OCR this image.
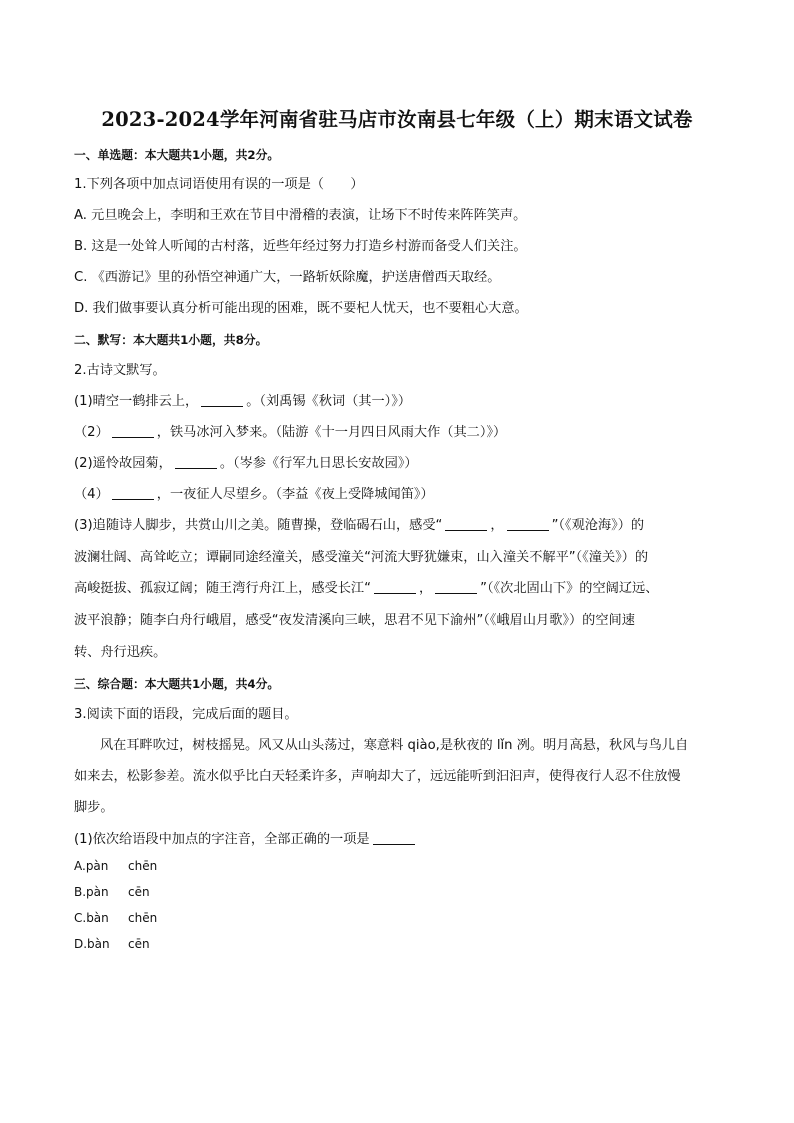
2023-2024学年河南省驻马店市汝南县七年级（上）期末语文试卷
一、单选题：本大题共1小题，共2分。
1.下列各项中加点词语使用有误的一项是（　　）
A. 元旦晚会上，李明和王欢在节目中滑稽的表演，让场下不时传来阵阵笑声。
B. 这是一处耸人听闻的古村落，近些年经过努力打造乡村游而备受人们关注。
C. 《西游记》里的孙悟空神通广大，一路斩妖除魔，护送唐僧西天取经。
D. 我们做事要认真分析可能出现的困难，既不要杞人忧天，也不要粗心大意。
二、默写：本大题共1小题，共8分。
2.古诗文默写。
(1)晴空一鹤排云上，	。（刘禹锡《秋词（其一）》）
（2）	，铁马冰河入梦来。（陆游《十一月四日风雨大作（其二）》）
(2)遥怜故园菊，	。（岑参《行军九日思长安故园》）
（4）	，一夜征人尽望乡。（李益《夜上受降城闻笛》）
(3)追随诗人脚步，共赏山川之美。随曹操，登临碣石山，感受“	，	”（《观沧海》）的
波澜壮阔、高耸屹立；谭嗣同途经潼关，感受潼关“河流大野犹嫌束，山入潼关不解平”（《潼关》）的
高峻挺拔、孤寂辽阔；随王湾行舟江上，感受长江“	，	”（《次北固山下》的空阔辽远、
波平浪静；随李白舟行峨眉，感受“夜发清溪向三峡，思君不见下渝州”（《峨眉山月歌》）的空间速
转、舟行迅疾。
三、综合题：本大题共1小题，共4分。
3.阅读下面的语段，完成后面的题目。
风在耳畔吹过，树枝摇晃。风又从山头荡过，寒意料 qiào,是秋夜的 lǐn 冽。明月高悬，秋风与鸟儿自
如来去，松影参差。流水似乎比白天轻柔许多，声响却大了，远远能听到汩汩声，使得夜行人忍不住放慢
脚步。
(1)依次给语段中加点的字注音，全部正确的一项是
A.pàn chēn
B.pàn cēn
C.bàn chēn
D.bàn cēn
